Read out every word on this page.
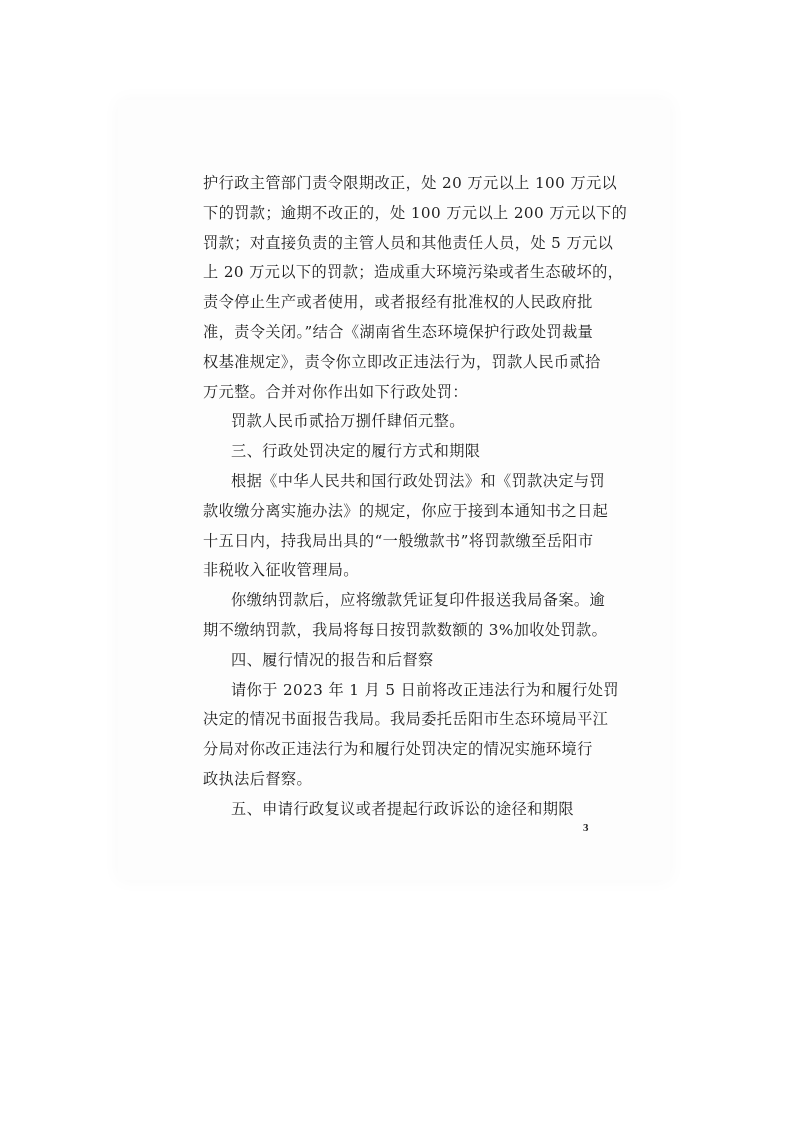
护行政主管部门责令限期改正，处 20 万元以上 100 万元以
下的罚款；逾期不改正的，处 100 万元以上 200 万元以下的
罚款；对直接负责的主管人员和其他责任人员，处 5 万元以
上 20 万元以下的罚款；造成重大环境污染或者生态破坏的，
责令停止生产或者使用，或者报经有批准权的人民政府批
准，责令关闭。”结合《湖南省生态环境保护行政处罚裁量
权基准规定》，责令你立即改正违法行为，罚款人民币贰拾
万元整。合并对你作出如下行政处罚：
罚款人民币贰拾万捌仟肆佰元整。
三、行政处罚决定的履行方式和期限
根据《中华人民共和国行政处罚法》和《罚款决定与罚
款收缴分离实施办法》的规定，你应于接到本通知书之日起
十五日内，持我局出具的“一般缴款书”将罚款缴至岳阳市
非税收入征收管理局。
你缴纳罚款后，应将缴款凭证复印件报送我局备案。逾
期不缴纳罚款，我局将每日按罚款数额的 3%加收处罚款。
四、履行情况的报告和后督察
请你于 2023 年 1 月 5 日前将改正违法行为和履行处罚
决定的情况书面报告我局。我局委托岳阳市生态环境局平江
分局对你改正违法行为和履行处罚决定的情况实施环境行
政执法后督察。
五、申请行政复议或者提起行政诉讼的途径和期限
3
